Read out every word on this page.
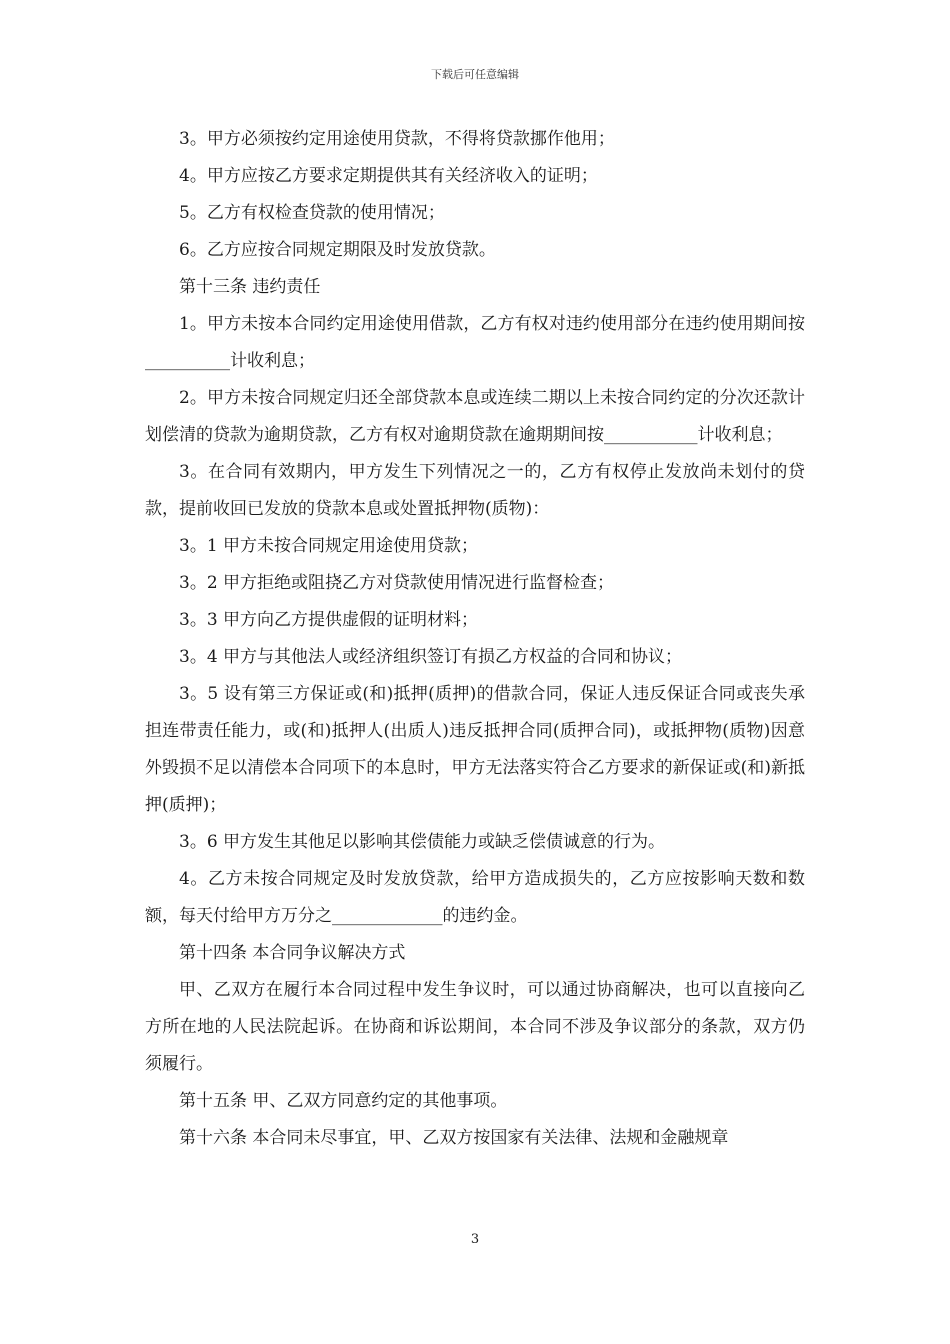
下载后可任意编辑

3。甲方必须按约定用途使用贷款，不得将贷款挪作他用；

4。甲方应按乙方要求定期提供其有关经济收入的证明；

5。乙方有权检查贷款的使用情况；

6。乙方应按合同规定期限及时发放贷款。

第十三条 违约责任

1。甲方未按本合同约定用途使用借款，乙方有权对违约使用部分在违约使用期间按__________计收利息；

2。甲方未按合同规定归还全部贷款本息或连续二期以上未按合同约定的分次还款计划偿清的贷款为逾期贷款，乙方有权对逾期贷款在逾期期间按___________计收利息；

3。在合同有效期内，甲方发生下列情况之一的，乙方有权停止发放尚未划付的贷款，提前收回已发放的贷款本息或处置抵押物(质物)：

3。1 甲方未按合同规定用途使用贷款；

3。2 甲方拒绝或阻挠乙方对贷款使用情况进行监督检查；

3。3 甲方向乙方提供虚假的证明材料；

3。4 甲方与其他法人或经济组织签订有损乙方权益的合同和协议；

3。5 设有第三方保证或(和)抵押(质押)的借款合同，保证人违反保证合同或丧失承担连带责任能力，或(和)抵押人(出质人)违反抵押合同(质押合同)，或抵押物(质物)因意外毁损不足以清偿本合同项下的本息时，甲方无法落实符合乙方要求的新保证或(和)新抵押(质押)；

3。6 甲方发生其他足以影响其偿债能力或缺乏偿债诚意的行为。

4。乙方未按合同规定及时发放贷款，给甲方造成损失的，乙方应按影响天数和数额，每天付给甲方万分之_____________的违约金。

第十四条 本合同争议解决方式

甲、乙双方在履行本合同过程中发生争议时，可以通过协商解决，也可以直接向乙方所在地的人民法院起诉。在协商和诉讼期间，本合同不涉及争议部分的条款，双方仍须履行。

第十五条 甲、乙双方同意约定的其他事项。

第十六条 本合同未尽事宜，甲、乙双方按国家有关法律、法规和金融规章

3
